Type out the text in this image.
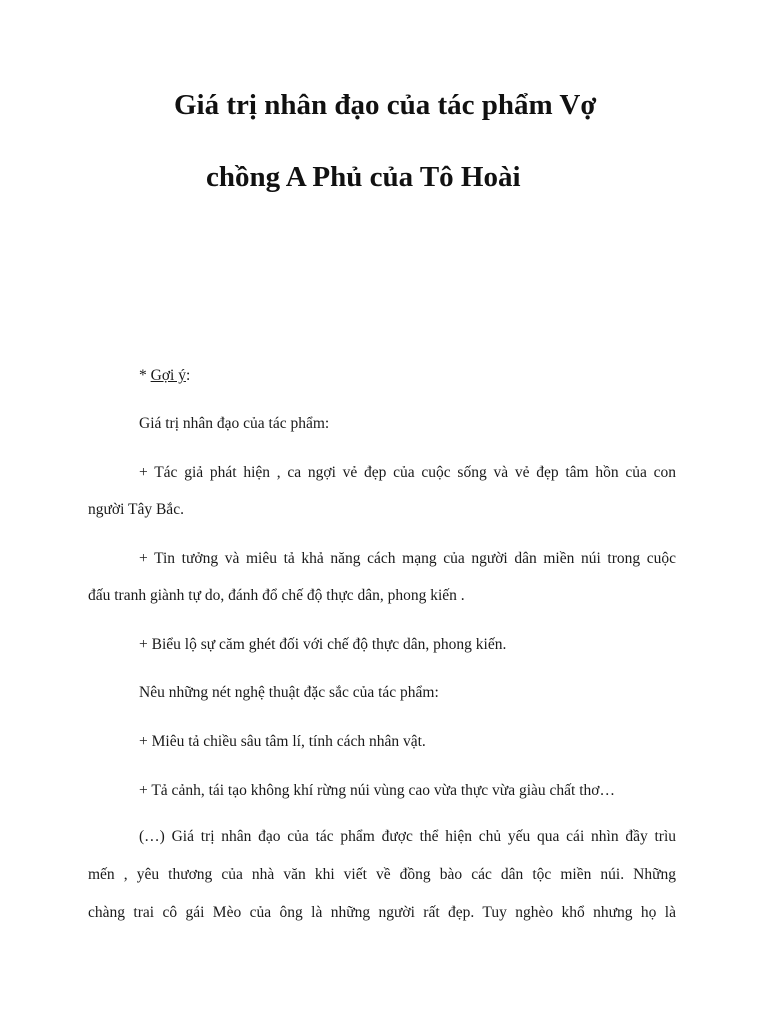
Giá trị nhân đạo của tác phẩm Vợ
chồng A Phủ của Tô Hoài

* Gợi ý:

Giá trị nhân đạo của tác phẩm:

+ Tác giả phát hiện , ca ngợi vẻ đẹp của cuộc sống và vẻ đẹp tâm hồn của con

người Tây Bắc.

+ Tin tưởng và miêu tả khả năng cách mạng của người dân miền núi trong cuộc

đấu tranh giành tự do, đánh đổ chế độ thực dân, phong kiến .

+ Biểu lộ sự căm ghét đối với chế độ thực dân, phong kiến.

Nêu những nét nghệ thuật đặc sắc của tác phẩm:

+ Miêu tả chiều sâu tâm lí, tính cách nhân vật.

+ Tả cảnh, tái tạo không khí rừng núi vùng cao vừa thực vừa giàu chất thơ…

(…) Giá trị nhân đạo của tác phẩm được thể hiện chủ yếu qua cái nhìn đầy trìu

mến , yêu thương của nhà văn khi viết về đồng bào các dân tộc miền núi. Những

chàng trai cô gái Mèo của ông là những người rất đẹp. Tuy nghèo khổ nhưng họ là
